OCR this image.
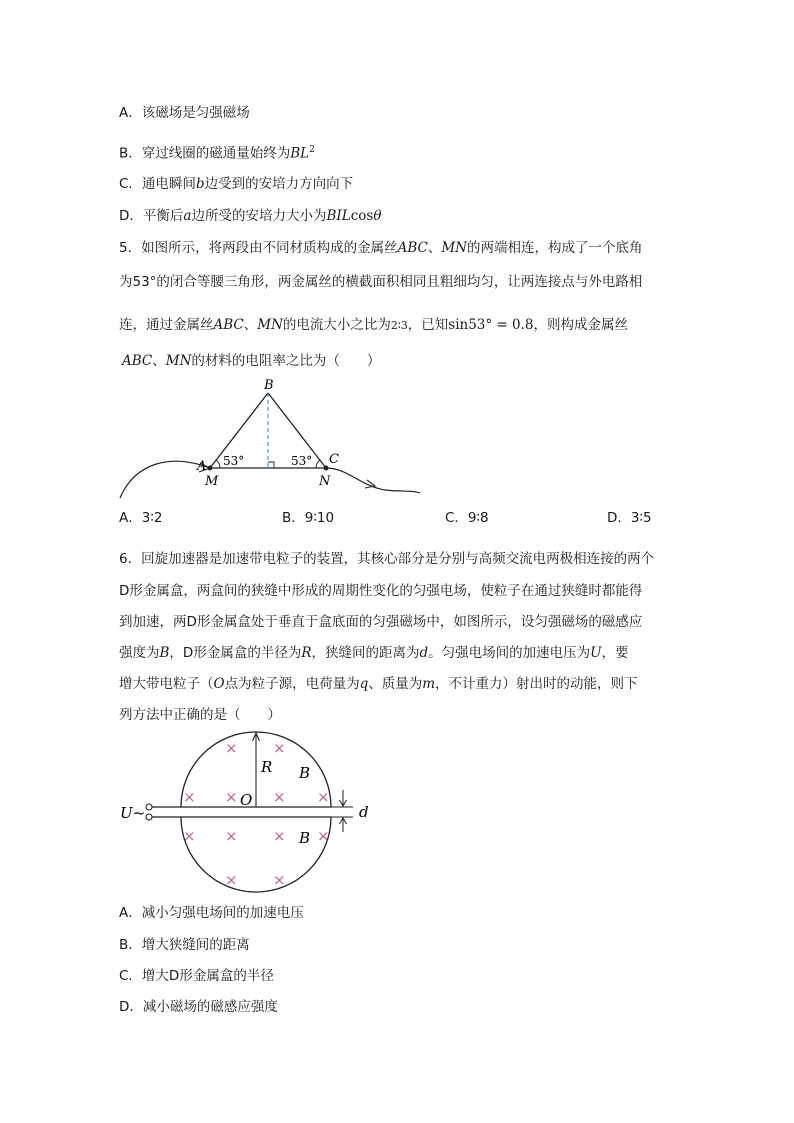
A．该磁场是匀强磁场
B．穿过线圈的磁通量始终为$BL^2$
C．通电瞬间b边受到的安培力方向向下
D．平衡后a边所受的安培力大小为BILcosθ
5．如图所示，将两段由不同材质构成的金属丝ABC、MN的两端相连，构成了一个底角
为53°的闭合等腰三角形，两金属丝的横截面积相同且粗细均匀，让两连接点与外电路相
连，通过金属丝ABC、MN的电流大小之比为2∶3，已知sin53° = 0.8，则构成金属丝
ABC、MN的材料的电阻率之比为（　　）
B
A	C
M	N
53°	53°
A．3∶2	B．9∶10	C．9∶8	D．3∶5
6．回旋加速器是加速带电粒子的装置，其核心部分是分别与高频交流电两极相连接的两个
D形金属盒，两盒间的狭缝中形成的周期性变化的匀强电场，使粒子在通过狭缝时都能得
到加速，两D形金属盒处于垂直于盒底面的匀强磁场中，如图所示，设匀强磁场的磁感应
强度为B，D形金属盒的半径为R，狭缝间的距离为d。匀强电场间的加速电压为U，要
增大带电粒子（O点为粒子源，电荷量为q、质量为m，不计重力）射出时的动能，则下
列方法中正确的是（　　）
× ×
× × × ×
× × × ×
× ×
R B
B
O
U~	d
A．减小匀强电场间的加速电压
B．增大狭缝间的距离
C．增大D形金属盒的半径
D．减小磁场的磁感应强度
